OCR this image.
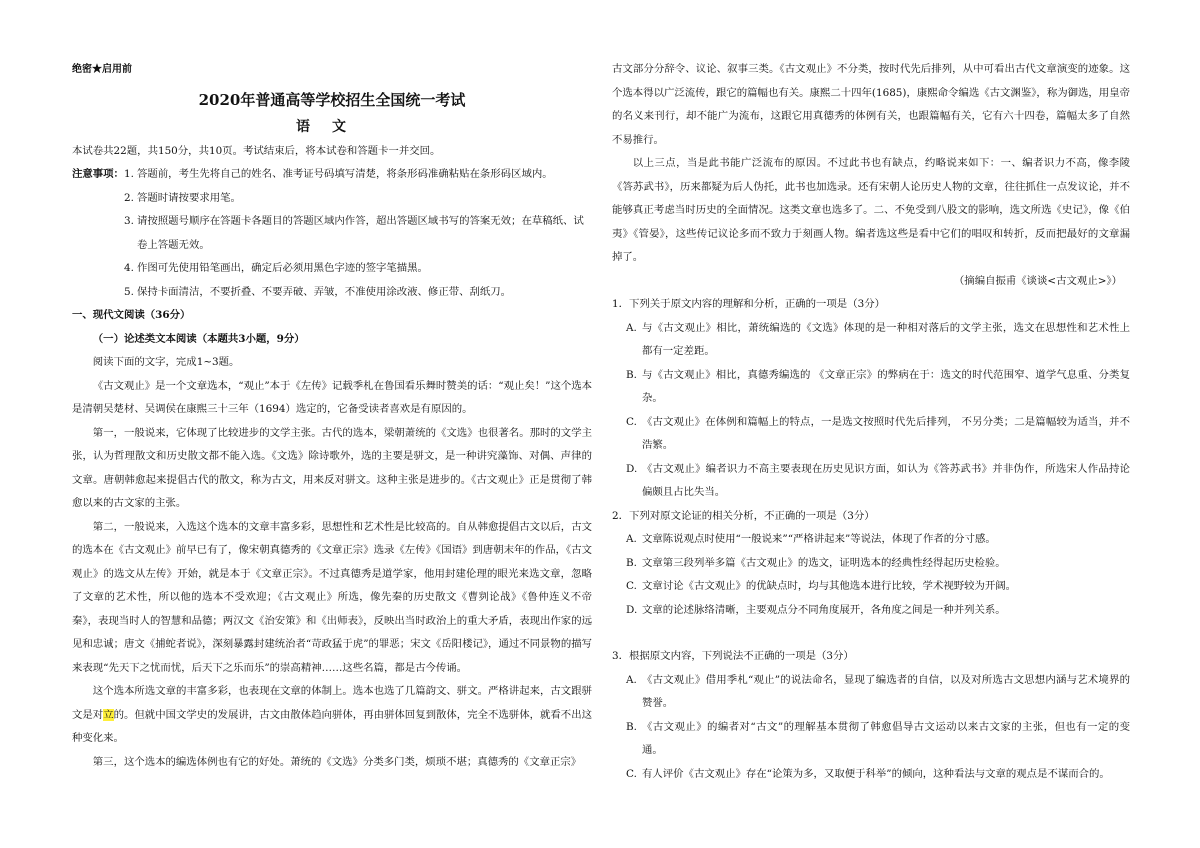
绝密★启用前

2020年普通高等学校招生全国统一考试

语文

本试卷共22题，共150分，共10页。考试结束后，将本试卷和答题卡一并交回。

注意事项： 1. 答题前，考生先将自己的姓名、准考证号码填写清楚，将条形码准确粘贴在条形码区域内。
2. 答题时请按要求用笔。
3. 请按照题号顺序在答题卡各题目的答题区域内作答，超出答题区域书写的答案无效；在草稿纸、试卷上答题无效。
4. 作图可先使用铅笔画出，确定后必须用黑色字迹的签字笔描黑。
5. 保持卡面清洁，不要折叠、不要弄破、弄皱，不准使用涂改液、修正带、刮纸刀。

一、现代文阅读（36分）

（一）论述类文本阅读（本题共3小题，9分）

阅读下面的文字，完成1~3题。

《古文观止》是一个文章选本，“观止”本于《左传》记载季札在鲁国看乐舞时赞美的话：“观止矣！”这个选本是清朝吴楚材、吴调侯在康熙三十三年（1694）选定的，它备受读者喜欢是有原因的。

第一，一般说来，它体现了比较进步的文学主张。古代的选本，梁朝萧统的《文选》也很著名。那时的文学主张，认为哲理散文和历史散文都不能入选。《文选》除诗歌外，选的主要是骈文，是一种讲究藻饰、对偶、声律的文章。唐朝韩愈起来提倡古代的散文，称为古文，用来反对骈文。这种主张是进步的。《古文观止》正是贯彻了韩愈以来的古文家的主张。

第二，一般说来，入选这个选本的文章丰富多彩，思想性和艺术性是比较高的。自从韩愈提倡古文以后，古文的选本在《古文观止》前早已有了，像宋朝真德秀的《文章正宗》选录《左传》《国语》到唐朝末年的作品，《古文观止》的选文从左传》开始，就是本于《文章正宗》。不过真德秀是道学家，他用封建伦理的眼光来选文章，忽略了文章的艺术性，所以他的选本不受欢迎；《古文观止》所选，像先秦的历史散文《曹刿论战》《鲁仲连义不帝秦》，表现当时人的智慧和品德；两汉文《治安策》和《出师表》，反映出当时政治上的重大矛盾，表现出作家的远见和忠诚；唐文《捕蛇者说》，深刻暴露封建统治者“苛政猛于虎”的罪恶；宋文《岳阳楼记》，通过不同景物的描写来表现“先天下之忧而忧，后天下之乐而乐”的崇高精神……这些名篇，都是古今传诵。

这个选本所选文章的丰富多彩，也表现在文章的体制上。选本也选了几篇韵文、骈文。严格讲起来，古文跟骈文是对立的。但就中国文学史的发展讲，古文由散体趋向骈体，再由骈体回复到散体，完全不选骈体，就看不出这种变化来。

第三，这个选本的编选体例也有它的好处。萧统的《文选》分类多门类，烦琐不堪；真德秀的《文章正宗》

古文部分分辞令、议论、叙事三类。《古文观止》不分类，按时代先后排列，从中可看出古代文章演变的迹象。这个选本得以广泛流传，跟它的篇幅也有关。康熙二十四年(1685)，康熙命令编选《古文渊鉴》，称为御选，用皇帝的名义来刊行，却不能广为流布，这跟它用真德秀的体例有关，也跟篇幅有关，它有六十四卷，篇幅太多了自然不易推行。

以上三点，当是此书能广泛流布的原因。不过此书也有缺点，约略说来如下：一、编者识力不高，像李陵《答苏武书》，历来都疑为后人伪托，此书也加选录。还有宋朝人论历史人物的文章，往往抓住一点发议论，并不能够真正考虑当时历史的全面情况。这类文章也选多了。二、不免受到八股文的影响，选文所选《史记》，像《伯夷》《管晏》，这些传记议论多而不致力于刻画人物。编者选这些是看中它们的唱叹和转折，反而把最好的文章漏掉了。

（摘编自振甫《谈谈<古文观止>》）

1．下列关于原文内容的理解和分析，正确的一项是（3分）

A. 与《古文观止》相比，萧统编选的《文选》体现的是一种相对落后的文学主张，选文在思想性和艺术性上都有一定差距。
B. 与《古文观止》相比，真德秀编选的 《文章正宗》的弊病在于：选文的时代范围窄、道学气息重、分类复杂。
C. 《古文观止》在体例和篇幅上的特点，一是选文按照时代先后排列， 不另分类；二是篇幅较为适当，并不浩繁。
D. 《古文观止》编者识力不高主要表现在历史见识方面，如认为《答苏武书》并非伪作，所选宋人作品持论偏颇且占比失当。

2．下列对原文论证的相关分析，不正确的一项是（3分）

A. 文章陈说观点时使用“一般说来”“严格讲起来”等说法，体现了作者的分寸感。
B. 文章第三段列举多篇《古文观止》的选文，证明选本的经典性经得起历史检验。
C. 文章讨论《古文观止》的优缺点时，均与其他选本进行比较，学术视野较为开阔。
D. 文章的论述脉络清晰，主要观点分不同角度展开，各角度之间是一种并列关系。

3．根据原文内容，下列说法不正确的一项是（3分）

A. 《古文观止》借用季札“观止”的说法命名，显现了编选者的自信，以及对所选古文思想内涵与艺术境界的赞誉。
B. 《古文观止》的编者对“古文”的理解基本贯彻了韩愈倡导古文运动以来古文家的主张，但也有一定的变通。
C. 有人评价《古文观止》存在“论策为多，又取便于科举”的倾向，这种看法与文章的观点是不谋而合的。
